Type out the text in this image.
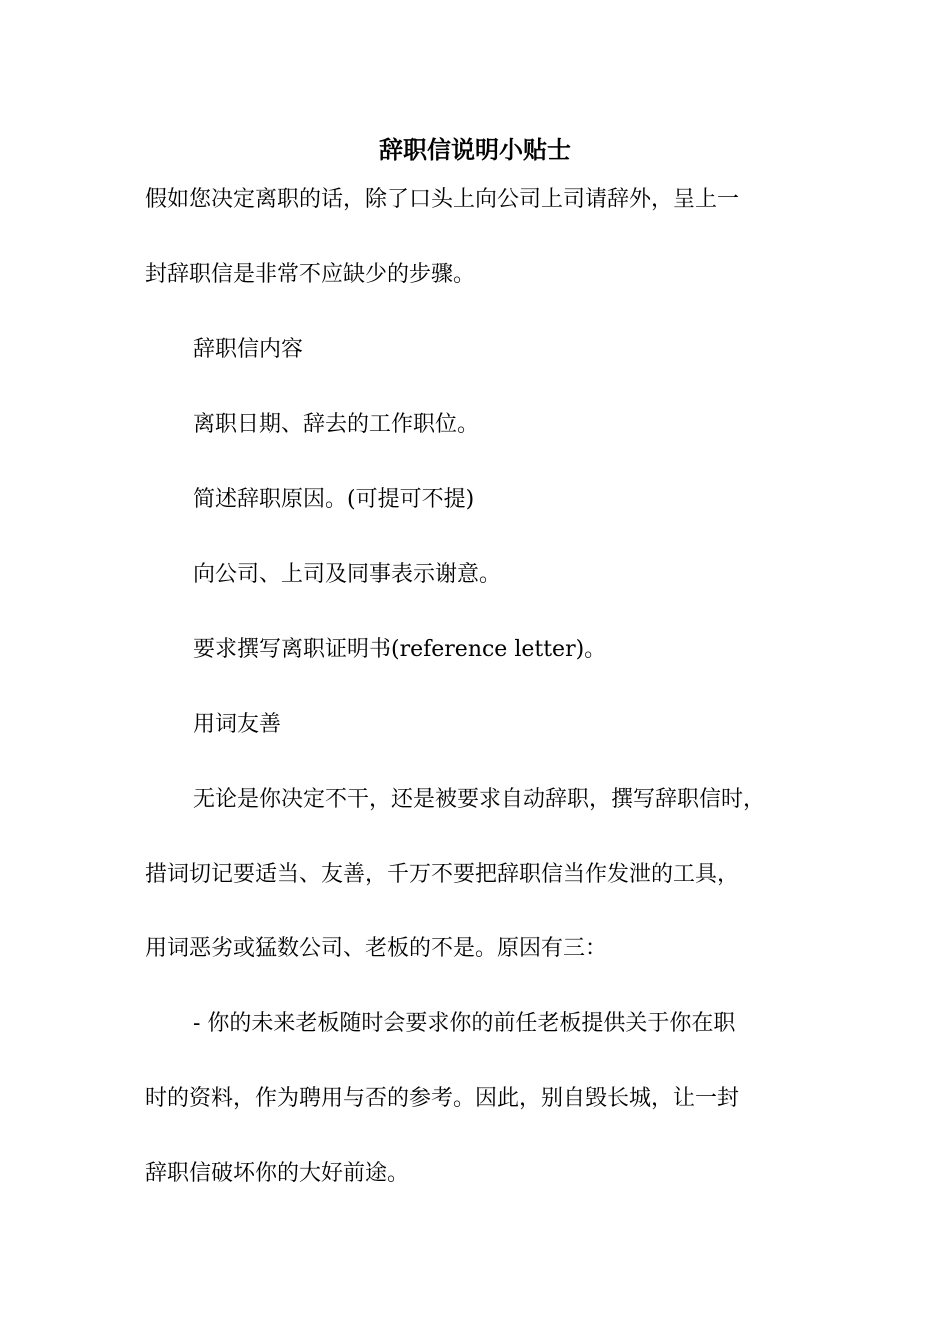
辞职信说明小贴士
假如您决定离职的话，除了口头上向公司上司请辞外，呈上一
封辞职信是非常不应缺少的步骤。
辞职信内容
离职日期、辞去的工作职位。
简述辞职原因。(可提可不提)
向公司、上司及同事表示谢意。
要求撰写离职证明书(reference letter)。
用词友善
无论是你决定不干，还是被要求自动辞职，撰写辞职信时，
措词切记要适当、友善，千万不要把辞职信当作发泄的工具，
用词恶劣或猛数公司、老板的不是。原因有三：
- 你的未来老板随时会要求你的前任老板提供关于你在职
时的资料，作为聘用与否的参考。因此，别自毁长城，让一封
辞职信破坏你的大好前途。
